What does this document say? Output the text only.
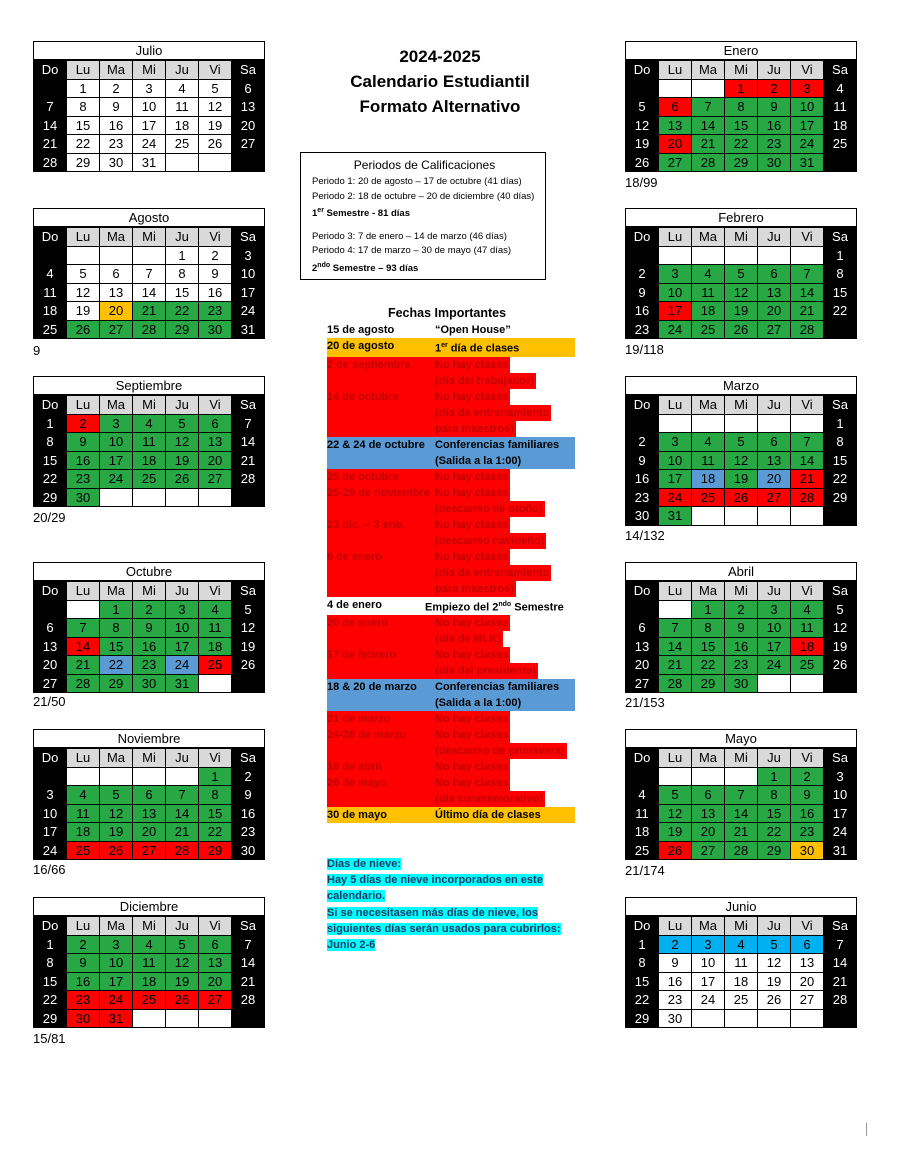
2024-2025
Calendario Estudiantil
Formato Alternativo
Julio
Do	Lu	Ma	Mi	Ju	Vi	Sa
	1	2	3	4	5	6
7	8	9	10	11	12	13
14	15	16	17	18	19	20
21	22	23	24	25	26	27
28	29	30	31			
Agosto
Do	Lu	Ma	Mi	Ju	Vi	Sa
				1	2	3
4	5	6	7	8	9	10
11	12	13	14	15	16	17
18	19	20	21	22	23	24
25	26	27	28	29	30	31
Septiembre
Do	Lu	Ma	Mi	Ju	Vi	Sa
1	2	3	4	5	6	7
8	9	10	11	12	13	14
15	16	17	18	19	20	21
22	23	24	25	26	27	28
29	30					
Octubre
Do	Lu	Ma	Mi	Ju	Vi	Sa
		1	2	3	4	5
6	7	8	9	10	11	12
13	14	15	16	17	18	19
20	21	22	23	24	25	26
27	28	29	30	31		
Noviembre
Do	Lu	Ma	Mi	Ju	Vi	Sa
					1	2
3	4	5	6	7	8	9
10	11	12	13	14	15	16
17	18	19	20	21	22	23
24	25	26	27	28	29	30
Diciembre
Do	Lu	Ma	Mi	Ju	Vi	Sa
1	2	3	4	5	6	7
8	9	10	11	12	13	14
15	16	17	18	19	20	21
22	23	24	25	26	27	28
29	30	31				
Enero
Do	Lu	Ma	Mi	Ju	Vi	Sa
			1	2	3	4
5	6	7	8	9	10	11
12	13	14	15	16	17	18
19	20	21	22	23	24	25
26	27	28	29	30	31	
Febrero
Do	Lu	Ma	Mi	Ju	Vi	Sa
						1
2	3	4	5	6	7	8
9	10	11	12	13	14	15
16	17	18	19	20	21	22
23	24	25	26	27	28	
Marzo
Do	Lu	Ma	Mi	Ju	Vi	Sa
						1
2	3	4	5	6	7	8
9	10	11	12	13	14	15
16	17	18	19	20	21	22
23	24	25	26	27	28	29
30	31					
Abril
Do	Lu	Ma	Mi	Ju	Vi	Sa
		1	2	3	4	5
6	7	8	9	10	11	12
13	14	15	16	17	18	19
20	21	22	23	24	25	26
27	28	29	30			
Mayo
Do	Lu	Ma	Mi	Ju	Vi	Sa
				1	2	3
4	5	6	7	8	9	10
11	12	13	14	15	16	17
18	19	20	21	22	23	24
25	26	27	28	29	30	31
Junio
Do	Lu	Ma	Mi	Ju	Vi	Sa
1	2	3	4	5	6	7
8	9	10	11	12	13	14
15	16	17	18	19	20	21
22	23	24	25	26	27	28
29	30					
9
20/29
21/50
16/66
15/81
18/99
19/118
14/132
21/153
21/174
Periodos de Calificaciones
Periodo 1: 20 de agosto – 17 de octubre (41 días)
Periodo 2: 18 de octubre – 20 de diciembre (40 días)
1er Semestre - 81 días
Periodo 3: 7 de enero – 14 de marzo (46 días)
Periodo 4: 17 de marzo – 30 de mayo (47 días)
$2^{ndo}$ Semestre – 93 días
Fechas Importantes
15 de agosto	“Open House”
20 de agosto	1er día de clases
2 de septiembre	No hay clases
(día del trabajador)
14 de octubre	No hay clases
(día de entrenamiento
para maestros)
22 & 24 de octubre Conferencias familiares
(Salida a la 1:00)
25 de octubre	No hay clases
25-29 de noviembre No hay clases
(descanso de otoño)
23 dic. – 3 ene.	No hay clases
(descanso navideño)
6 de enero	No hay clases
(día de entrenamiento
para maestros)
4 de enero	Empiezo del $2^{ndo}$ Semestre
20 de enero	No hay clases
(día de MLK)
17 de febrero	No hay clases
(día del presidente)
18 & 20 de marzo	Conferencias familiares
(Salida a la 1:00)
21 de marzo	No hay clases
24-28 de marzo	No hay clases
(descanso de primavera)
18 de abril	No hay clases
26 de mayo	No hay clases
(día conmemorativo)
30 de mayo	Último día de clases
Días de nieve:
Hay 5 días de nieve incorporados en este
calendario.
Si se necesitasen más días de nieve, los
siguientes días serán usados para cubrirlos:
Junio 2-6
